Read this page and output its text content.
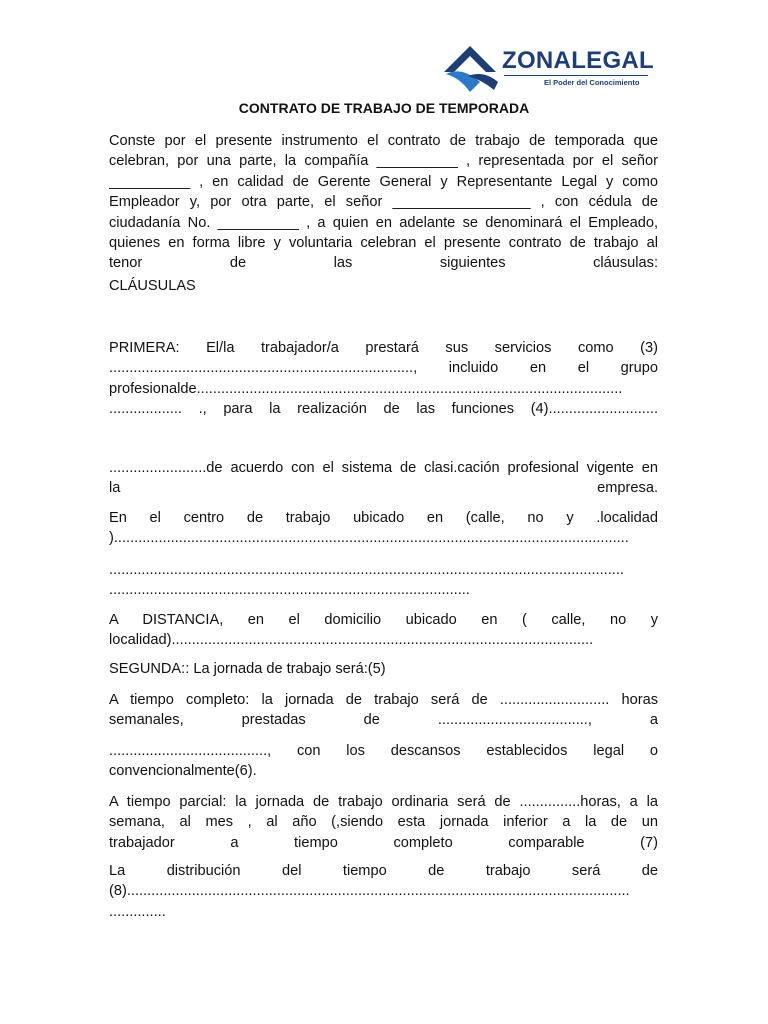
ZONALEGAL
El Poder del Conocimiento
CONTRATO DE TRABAJO DE TEMPORADA
Conste por el presente instrumento el contrato de trabajo de temporada que
celebran, por una parte, la compañía __________ , representada por el señor
__________ , en calidad de Gerente General y Representante Legal y como
Empleador y, por otra parte, el señor _________________ , con cédula de
ciudadanía No. __________ , a quien en adelante se denominará el Empleado,
quienes en forma libre y voluntaria celebran el presente contrato de trabajo al
tenor de las siguientes cláusulas:
CLÁUSULAS
PRIMERA: El/la trabajador/a prestará sus servicios como (3)
..........................................................................., incluido en el grupo
profesionalde.........................................................................................................
.................. ., para la realización de las funciones (4)...........................
........................de acuerdo con el sistema de clasi.cación profesional vigente en
la empresa.
En el centro de trabajo ubicado en (calle, no y .localidad
)...............................................................................................................................
...............................................................................................................................
.........................................................................................
A DISTANCIA, en el domicilio ubicado en ( calle, no y
localidad)........................................................................................................
SEGUNDA:: La jornada de trabajo será:(5)
A tiempo completo: la jornada de trabajo será de ........................... horas
semanales, prestadas de ....................................., a
......................................., con los descansos establecidos legal o
convencionalmente(6).
A tiempo parcial: la jornada de trabajo ordinaria será de ...............horas, a la
semana, al mes , al año (,siendo esta jornada inferior a la de un
trabajador a tiempo completo comparable (7)
La distribución del tiempo de trabajo será de
(8)............................................................................................................................
..............
